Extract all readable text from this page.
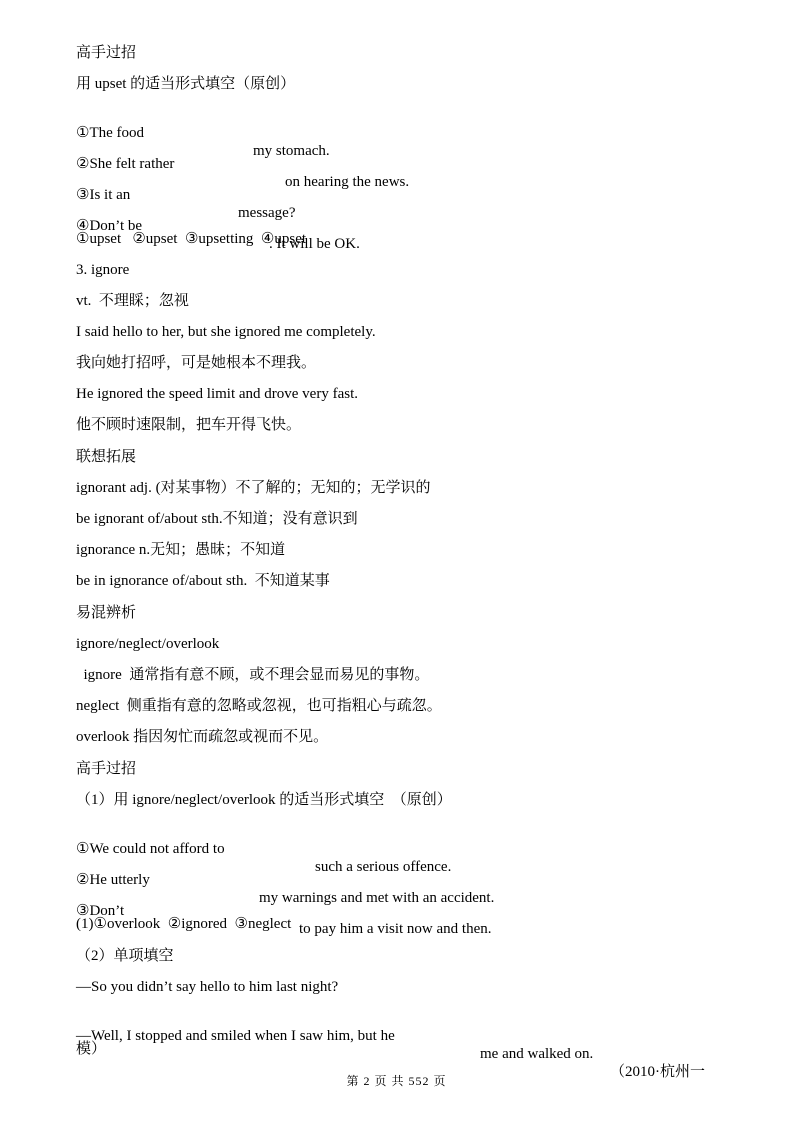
高手过招
用 upset 的适当形式填空（原创）

①The food

my stomach.

②She felt rather

on hearing the news.

③Is it an

message?

④Don’t be

. It will be OK.

①upset   ②upset  ③upsetting  ④upset
3. ignore
vt.  不理睬；忽视
I said hello to her, but she ignored me completely.
我向她打招呼，可是她根本不理我。
He ignored the speed limit and drove very fast.
他不顾时速限制，把车开得飞快。
联想拓展
ignorant adj. (对某事物）不了解的；无知的；无学识的
be ignorant of/about sth.不知道；没有意识到
ignorance n.无知；愚昧；不知道
be in ignorance of/about sth.  不知道某事
易混辨析
ignore/neglect/overlook
ignore  通常指有意不顾，或不理会显而易见的事物。
neglect  侧重指有意的忽略或忽视，也可指粗心与疏忽。
overlook 指因匆忙而疏忽或视而不见。
高手过招
（1）用 ignore/neglect/overlook 的适当形式填空  （原创）

①We could not afford to

such a serious offence.

②He utterly

my warnings and met with an accident.

③Don’t

to pay him a visit now and then.

(1)①overlook  ②ignored  ③neglect
（2）单项填空
—So you didn’t say hello to him last night?

—Well, I stopped and smiled when I saw him, but he

me and walked on.

（2010·杭州一

模）
第 2 页 共 552 页
